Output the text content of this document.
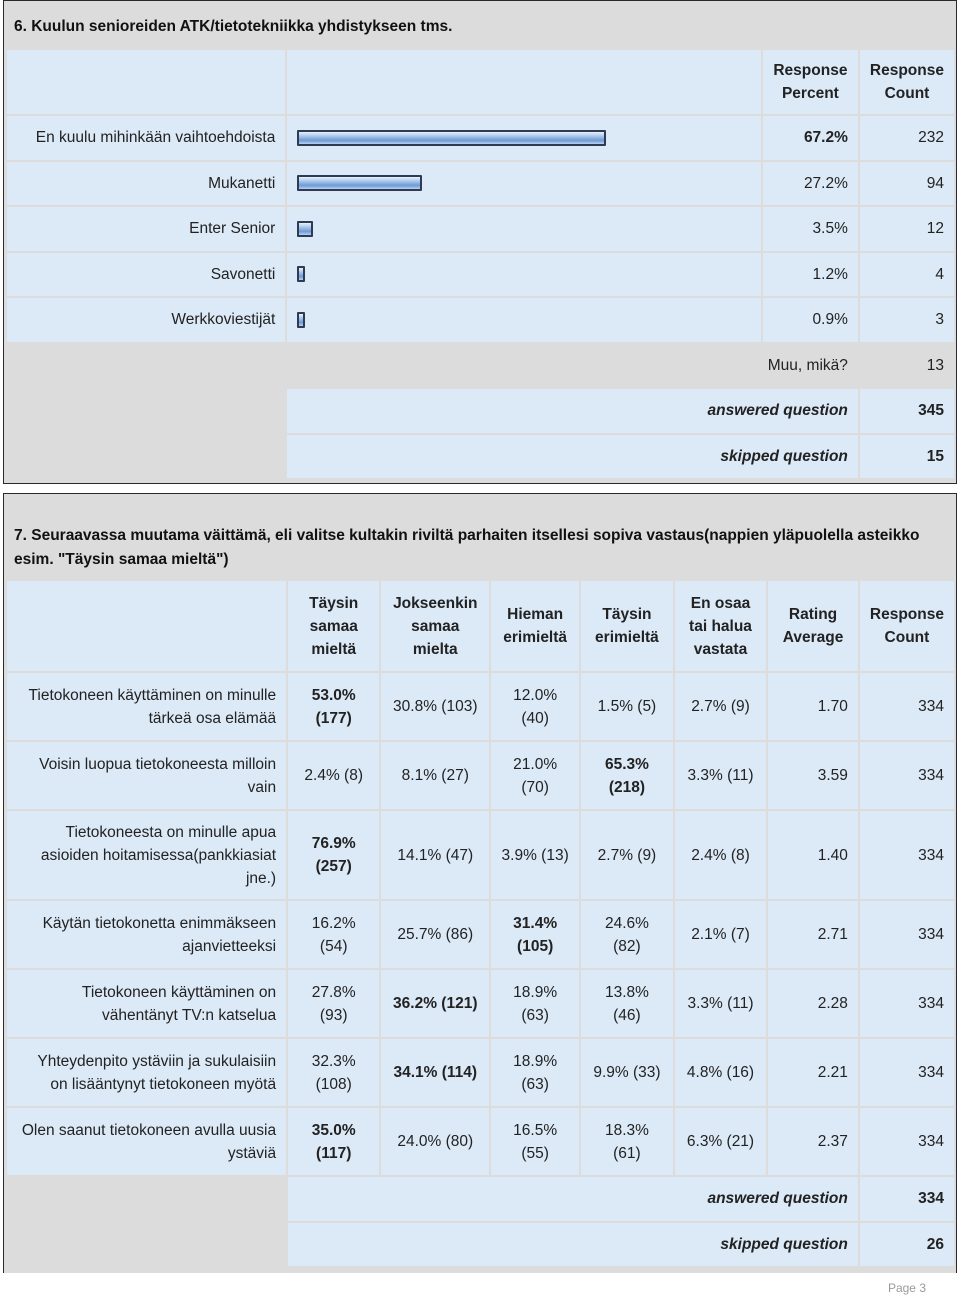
6. Kuulun senioreiden ATK/tietotekniikka yhdistykseen tms.
		Response Percent	Response Count
En kuulu mihinkään vaihtoehdoista		67.2%	232
Mukanetti		27.2%	94
Enter Senior		3.5%	12
Savonetti		1.2%	4
Werkkoviestijät		0.9%	3
Muu, mikä?			13
	answered question		345
	skipped question		15
7. Seuraavassa muutama väittämä, eli valitse kultakin riviltä parhaiten itsellesi sopiva vastaus(nappien yläpuolella asteikko esim. "Täysin samaa mieltä")
	Täysin samaa mieltä	Jokseenkin samaa mielta	Hieman erimieltä	Täysin erimieltä	En osaa tai halua vastata	Rating Average	Response Count
Tietokoneen käyttäminen on minulle tärkeä osa elämää	53.0% (177)	30.8% (103)	12.0% (40)	1.5% (5)	2.7% (9)	1.70	334
Voisin luopua tietokoneesta milloin vain	2.4% (8)	8.1% (27)	21.0% (70)	65.3% (218)	3.3% (11)	3.59	334
Tietokoneesta on minulle apua asioiden hoitamisessa(pankkiasiat jne.)	76.9% (257)	14.1% (47)	3.9% (13)	2.7% (9)	2.4% (8)	1.40	334
Käytän tietokonetta enimmäkseen ajanvietteeksi	16.2% (54)	25.7% (86)	31.4% (105)	24.6% (82)	2.1% (7)	2.71	334
Tietokoneen käyttäminen on vähentänyt TV:n katselua	27.8% (93)	36.2% (121)	18.9% (63)	13.8% (46)	3.3% (11)	2.28	334
Yhteydenpito ystäviin ja sukulaisiin on lisääntynyt tietokoneen myötä	32.3% (108)	34.1% (114)	18.9% (63)	9.9% (33)	4.8% (16)	2.21	334
Olen saanut tietokoneen avulla uusia ystäviä	35.0% (117)	24.0% (80)	16.5% (55)	18.3% (61)	6.3% (21)	2.37	334
	answered question						334
	skipped question						26
Page 3
